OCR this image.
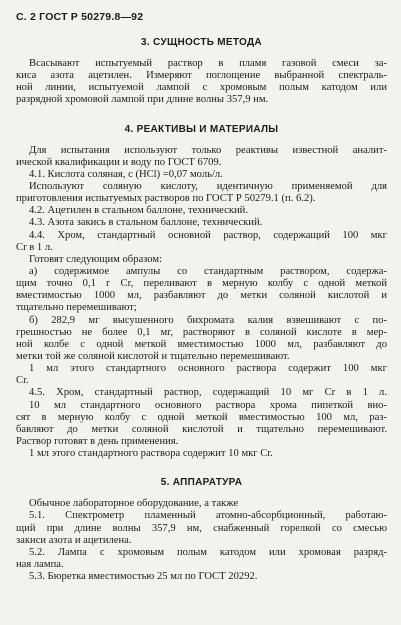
С. 2 ГОСТ Р 50279.8—92
3. СУЩНОСТЬ МЕТОДА
Всасывают испытуемый раствор в пламя газовой смеси за-
киса азота ацетилен. Измеряют поглощение выбранной спектраль-
ной линии, испытуемой лампой с хромовым полым катодом или
разрядной хромовой лампой при длине волны 357,9 нм.
4. РЕАКТИВЫ И МАТЕРИАЛЫ
Для испытания используют только реактивы известной аналит-
ической квалификации и воду по ГОСТ 6709.
4.1. Кислота соляная, с (HCl) =0,07 моль/л.
Используют соляную кислоту, идентичную применяемой для
приготовления испытуемых растворов по ГОСТ Р 50279.1 (п. 6.2).
4.2. Ацетилен в стальном баллоне, технический.
4.3. Азота закись в стальном баллоне, технический.
4.4. Хром, стандартный основной раствор, содержащий 100 мкг
Cr в 1 л.
Готовят следующим образом:
а) содержимое ампулы со стандартным раствором, содержа-
щим точно 0,1 г Cr, переливают в мерную колбу с одной меткой
вместимостью 1000 мл, разбавляют до метки соляной кислотой и
тщательно перемешивают;
б) 282,9 мг высушенного бихромата калия взвешивают с по-
грешностью не более 0,1 мг, растворяют в соляной кислоте в мер-
ной колбе с одной меткой вместимостью 1000 мл, разбавляют до
метки той же соляной кислотой и тщательно перемешивают.
1 мл этого стандартного основного раствора содержит 100 мкг
Cr.
4.5. Хром, стандартный раствор, содержащий 10 мг Cr в 1 л.
10 мл стандартного основного раствора хрома пипеткой вно-
сят в мерную колбу с одной меткой вместимостью 100 мл, раз-
бавляют до метки соляной кислотой и тщательно перемешивают.
Раствор готовят в день применения.
1 мл этого стандартного раствора содержит 10 мкг Cr.
5. АППАРАТУРА
Обычное лабораторное оборудование, а также
5.1. Спектрометр пламенный атомно-абсорбционный, работаю-
щий при длине волны 357,9 нм, снабженный горелкой со смесью
закиси азота и ацетилена.
5.2. Лампа с хромовым полым катодом или хромовая разряд-
ная лампа.
5.3. Бюретка вместимостью 25 мл по ГОСТ 20292.
